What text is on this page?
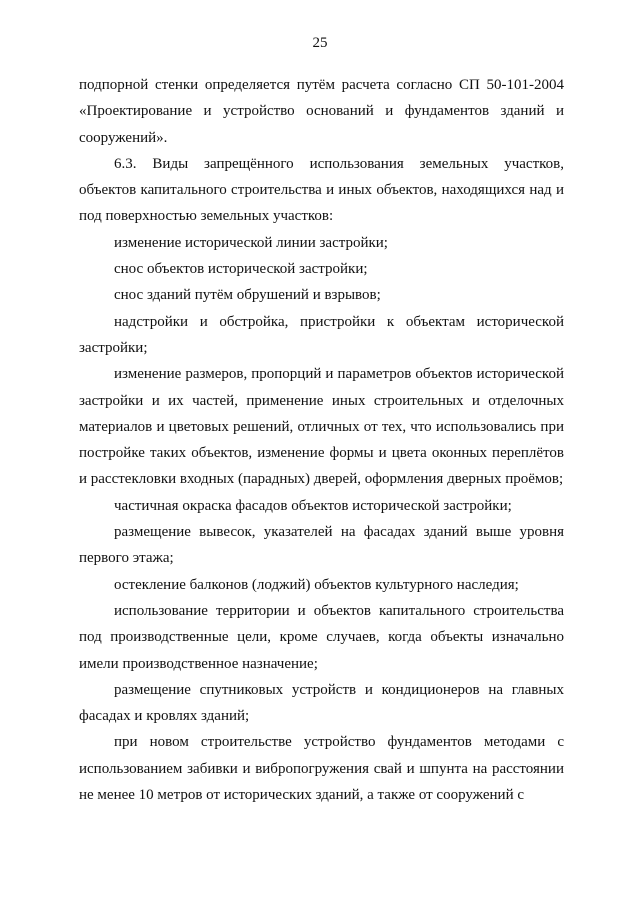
25

подпорной стенки определяется путём расчета согласно СП 50-101-2004 «Проектирование и устройство оснований и фундаментов зданий и сооружений».

6.3. Виды запрещённого использования земельных участков, объектов капитального строительства и иных объектов, находящихся над и под поверхностью земельных участков:

изменение исторической линии застройки;

снос объектов исторической застройки;

снос зданий путём обрушений и взрывов;

надстройки и обстройка, пристройки к объектам исторической застройки;

изменение размеров, пропорций и параметров объектов исторической застройки и их частей, применение иных строительных и отделочных материалов и цветовых решений, отличных от тех, что использовались при постройке таких объектов, изменение формы и цвета оконных переплётов и расстекловки входных (парадных) дверей, оформления дверных проёмов;

частичная окраска фасадов объектов исторической застройки;

размещение вывесок, указателей на фасадах зданий выше уровня первого этажа;

остекление балконов (лоджий) объектов культурного наследия;

использование территории и объектов капитального строительства под производственные цели, кроме случаев, когда объекты изначально имели производственное назначение;

размещение спутниковых устройств и кондиционеров на главных фасадах и кровлях зданий;

при новом строительстве устройство фундаментов методами с использованием забивки и вибропогружения свай и шпунта на расстоянии не менее 10 метров от исторических зданий, а также от сооружений с
